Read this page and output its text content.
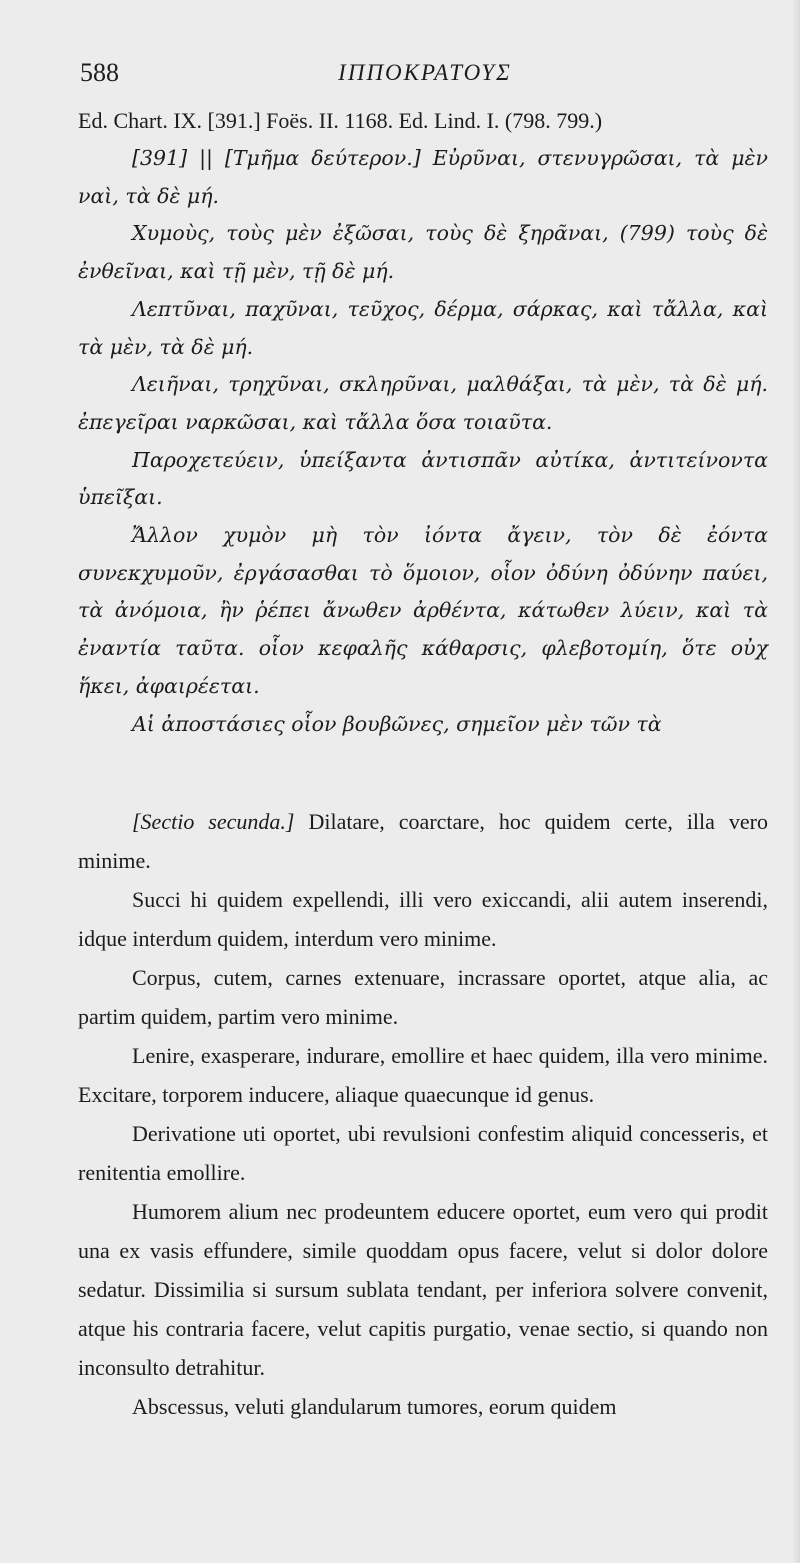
588	ΙΠΠΟΚΡΑΤΟΥΣ
Ed. Chart. IX. [391.] Foës. II. 1168. Ed. Lind. I. (798. 799.)

[391] || [Τμῆμα δεύτερον.] Εὐρῦναι, στενυγρῶσαι, τὰ μὲν ναὶ, τὰ δὲ μή.

Χυμοὺς, τοὺς μὲν ἐξῶσαι, τοὺς δὲ ξηρᾶναι, (799) τοὺς δὲ ἐνθεῖναι, καὶ τῇ μὲν, τῇ δὲ μή.

Λεπτῦναι, παχῦναι, τεῦχος, δέρμα, σάρκας, καὶ τἄλλα, καὶ τὰ μὲν, τὰ δὲ μή.

Λειῆναι, τρηχῦναι, σκληρῦναι, μαλθάξαι, τὰ μὲν, τὰ δὲ μή. ἐπεγεῖραι ναρκῶσαι, καὶ τἄλλα ὅσα τοιαῦτα.

Παροχετεύειν, ὑπείξαντα ἀντισπᾶν αὐτίκα, ἀντιτείνοντα ὑπεῖξαι.

Ἄλλον χυμὸν μὴ τὸν ἰόντα ἄγειν, τὸν δὲ ἐόντα συνεκχυμοῦν, ἐργάσασθαι τὸ ὅμοιον, οἷον ὀδύνη ὀδύνην παύει, τὰ ἀνόμοια, ἢν ῥέπει ἄνωθεν ἀρθέντα, κάτωθεν λύειν, καὶ τὰ ἐναντία ταῦτα. οἷον κεφαλῆς κάθαρσις, φλεβοτομίη, ὅτε οὐχ ἥκει, ἀφαιρέεται.

Αἱ ἀποστάσιες οἷον βουβῶνες, σημεῖον μὲν τῶν τὰ

[Sectio secunda.] Dilatare, coarctare, hoc quidem certe, illa vero minime.

Succi hi quidem expellendi, illi vero exiccandi, alii autem inserendi, idque interdum quidem, interdum vero minime.

Corpus, cutem, carnes extenuare, incrassare oportet, atque alia, ac partim quidem, partim vero minime.

Lenire, exasperare, indurare, emollire et haec quidem, illa vero minime. Excitare, torporem inducere, aliaque quaecunque id genus.

Derivatione uti oportet, ubi revulsioni confestim aliquid concesseris, et renitentia emollire.

Humorem alium nec prodeuntem educere oportet, eum vero qui prodit una ex vasis effundere, simile quoddam opus facere, velut si dolor dolore sedatur. Dissimilia si sursum sublata tendant, per inferiora solvere convenit, atque his contraria facere, velut capitis purgatio, venae sectio, si quando non inconsulto detrahitur.

Abscessus, veluti glandularum tumores, eorum quidem
